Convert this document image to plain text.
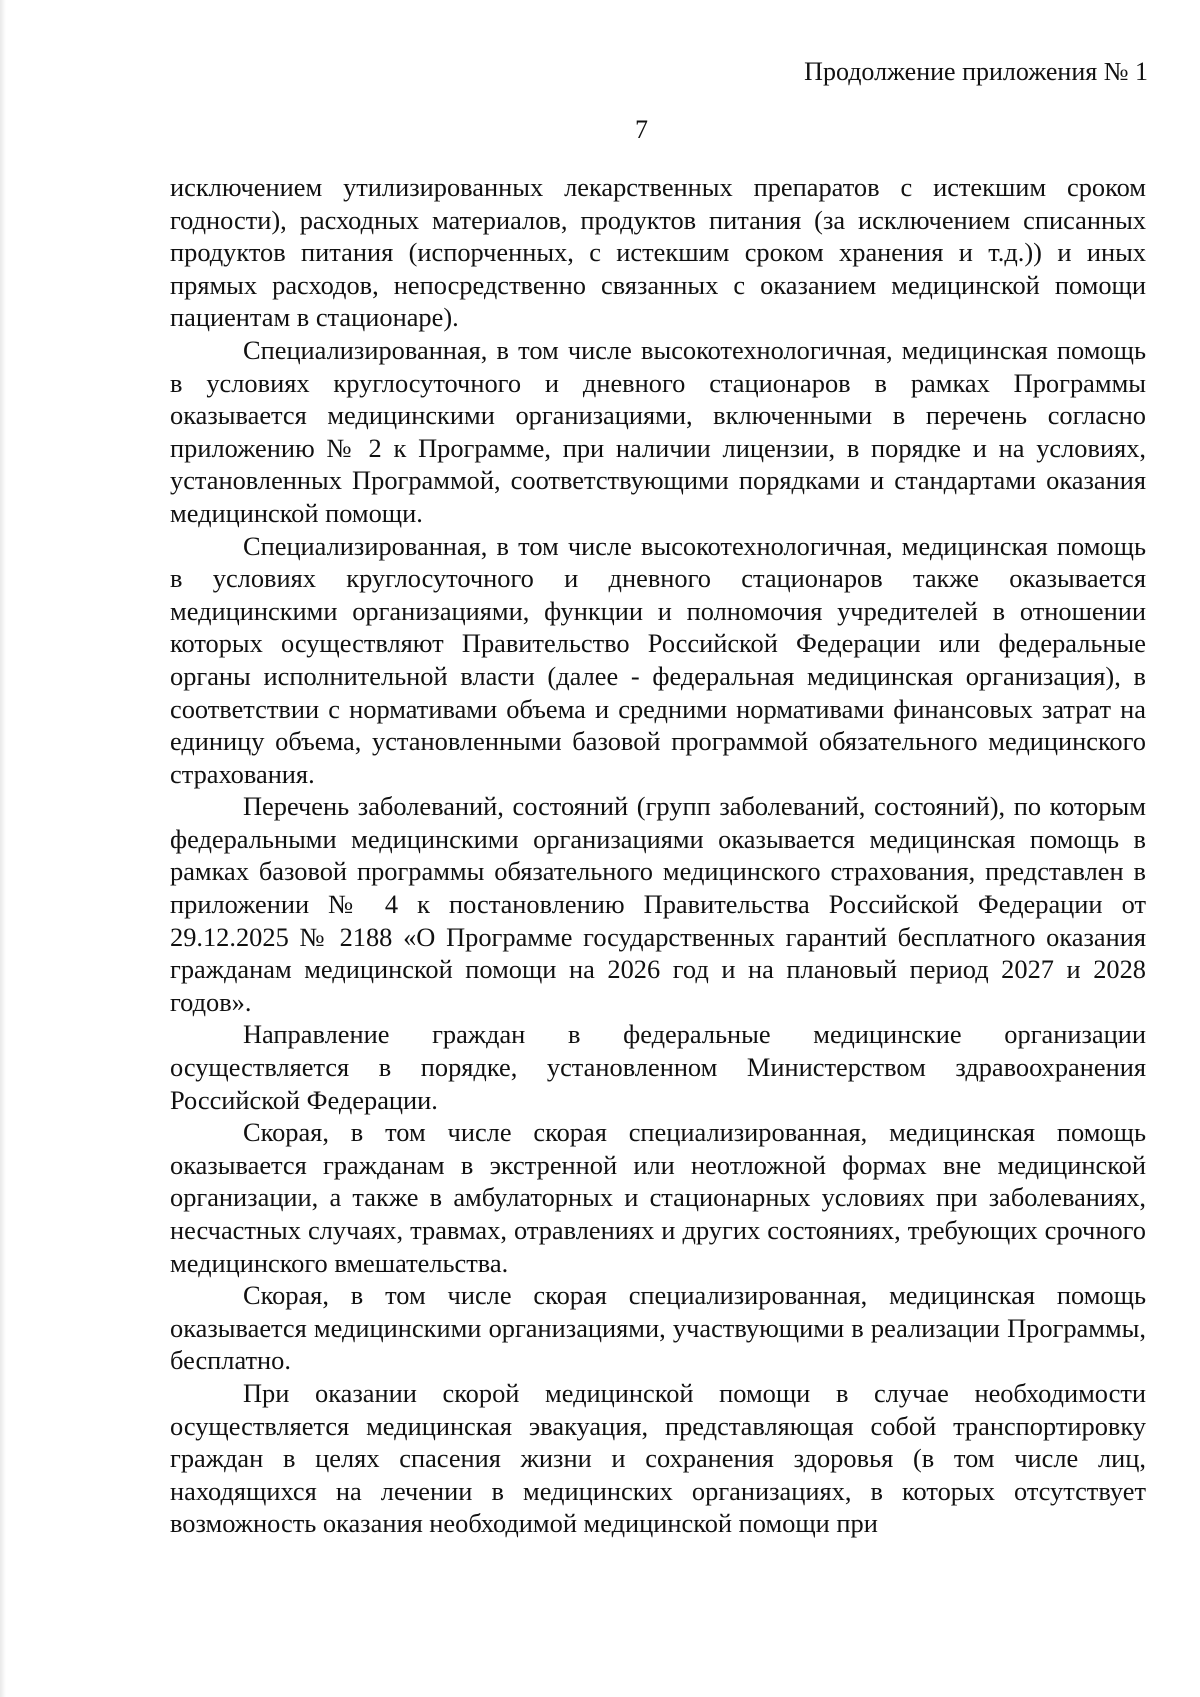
Продолжение приложения № 1
7

исключением утилизированных лекарственных препаратов с истекшим сроком годности), расходных материалов, продуктов питания (за исключением списанных продуктов питания (испорченных, с истекшим сроком хранения и т.д.)) и иных прямых расходов, непосредственно связанных с оказанием медицинской помощи пациентам в стационаре).

Специализированная, в том числе высокотехнологичная, медицинская помощь в условиях круглосуточного и дневного стационаров в рамках Программы оказывается медицинскими организациями, включенными в перечень согласно приложению № 2 к Программе, при наличии лицензии, в порядке и на условиях, установленных Программой, соответствующими порядками и стандартами оказания медицинской помощи.

Специализированная, в том числе высокотехнологичная, медицинская помощь в условиях круглосуточного и дневного стационаров также оказывается медицинскими организациями, функции и полномочия учредителей в отношении которых осуществляют Правительство Российской Федерации или федеральные органы исполнительной власти (далее - федеральная медицинская организация), в соответствии с нормативами объема и средними нормативами финансовых затрат на единицу объема, установленными базовой программой обязательного медицинского страхования.

Перечень заболеваний, состояний (групп заболеваний, состояний), по которым федеральными медицинскими организациями оказывается медицинская помощь в рамках базовой программы обязательного медицинского страхования, представлен в приложении № 4 к постановлению Правительства Российской Федерации от 29.12.2025 № 2188 «О Программе государственных гарантий бесплатного оказания гражданам медицинской помощи на 2026 год и на плановый период 2027 и 2028 годов».

Направление граждан в федеральные медицинские организации осуществляется в порядке, установленном Министерством здравоохранения Российской Федерации.

Скорая, в том числе скорая специализированная, медицинская помощь оказывается гражданам в экстренной или неотложной формах вне медицинской организации, а также в амбулаторных и стационарных условиях при заболеваниях, несчастных случаях, травмах, отравлениях и других состояниях, требующих срочного медицинского вмешательства.

Скорая, в том числе скорая специализированная, медицинская помощь оказывается медицинскими организациями, участвующими в реализации Программы, бесплатно.

При оказании скорой медицинской помощи в случае необходимости осуществляется медицинская эвакуация, представляющая собой транспортировку граждан в целях спасения жизни и сохранения здоровья (в том числе лиц, находящихся на лечении в медицинских организациях, в которых отсутствует возможность оказания необходимой медицинской помощи при
